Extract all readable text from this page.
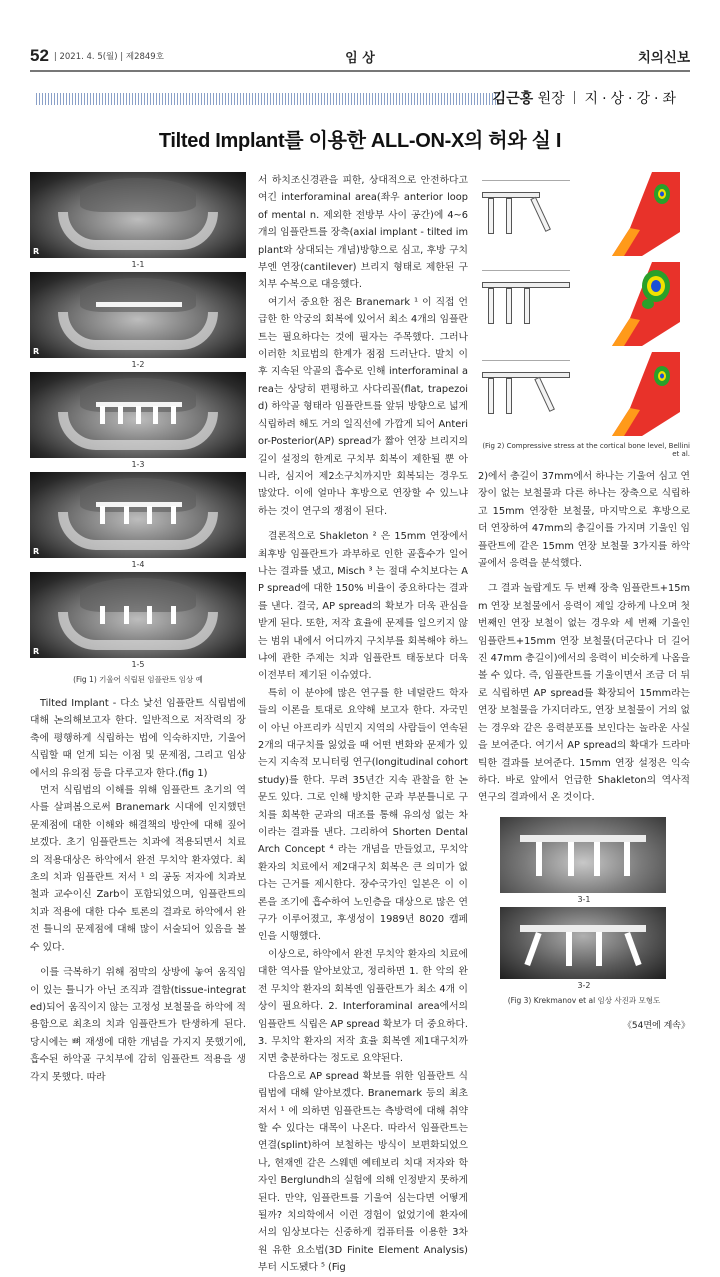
52 | 2021. 4. 5(월) | 제2849호	임 상	치의신보
김근홍 원장 지·상·강·좌
Tilted Implant를 이용한 ALL-ON-X의 허와 실 I
R
1-1
R
1-2
1-3
R
1-4
R
1-5
(Fig 1) 기울어 식립된 임플란트 임상 예

Tilted Implant - 다소 낯선 임플란트 식립법에 대해 논의해보고자 한다. 일반적으로 저작력의 장축에 평행하게 식립하는 법에 익숙하지만, 기울어 식립할 때 얻게 되는 이점 및 문제점, 그리고 임상에서의 유의점 등을 다루고자 한다.(fig 1)

먼저 식립법의 이해를 위해 임플란트 초기의 역사를 살펴봄으로써 Branemark 시대에 인지했던 문제점에 대한 이해와 해결책의 방안에 대해 짚어보겠다. 초기 임플란트는 치과에 적용되면서 치료의 적용대상은 하악에서 완전 무치악 환자였다. 최초의 치과 임플란트 저서 ¹ 의 공동 저자에 치과보철과 교수이신 Zarb이 포함되었으며, 임플란트의 치과 적용에 대한 다수 토론의 결과로 하악에서 완전 틀니의 문제점에 대해 많이 서술되어 있음을 볼 수 있다.

이를 극복하기 위해 점막의 상방에 놓여 움직임이 있는 틀니가 아닌 조직과 결합(tissue-integrated)되어 움직이지 않는 고정성 보철물을 하악에 적용함으로 최초의 치과 임플란트가 탄생하게 된다. 당시에는 뼈 재생에 대한 개념을 가지지 못했기에, 흡수된 하악골 구치부에 감히 임플란트 적용을 생각지 못했다. 따라

서 하치조신경관을 피한, 상대적으로 안전하다고 여긴 interforaminal area(좌우 anterior loop of mental n. 제외한 전방부 사이 공간)에 4~6개의 임플란트를 장축(axial implant - tilted implant와 상대되는 개념)방향으로 심고, 후방 구치부엔 연장(cantilever) 브리지 형태로 제한된 구치부 수복으로 대응했다.

여기서 중요한 점은 Branemark ¹ 이 직접 언급한 한 악궁의 회복에 있어서 최소 4개의 임플란트는 필요하다는 것에 필자는 주목했다. 그러나 이러한 치료법의 한계가 점점 드러난다. 발치 이후 지속된 악골의 흡수로 인해 interforaminal area는 상당히 편평하고 사다리꼴(flat, trapezoid) 하악골 형태라 임플란트를 앞뒤 방향으로 넓게 식립하려 해도 거의 일직선에 가깝게 되어 Anterior-Posterior(AP) spread가 짧아 연장 브리지의 길이 설정의 한계로 구치부 회복이 제한될 뿐 아니라, 심지어 제2소구치까지만 회복되는 경우도 많았다. 이에 얼마나 후방으로 연장할 수 있느냐 하는 것이 연구의 쟁점이 된다.

결론적으로 Shakleton ² 은 15mm 연장에서 최후방 임플란트가 과부하로 인한 골흡수가 일어나는 결과를 냈고, Misch ³ 는 절대 수치보다는 AP spread에 대한 150% 비율이 중요하다는 결과를 낸다. 결국, AP spread의 확보가 더욱 관심을 받게 된다. 또한, 저작 효율에 문제를 일으키지 않는 범위 내에서 어디까지 구치부를 회복해야 하느냐에 관한 주제는 치과 임플란트 태동보다 더욱 이전부터 제기된 이슈였다.

특히 이 분야에 많은 연구를 한 네덜란드 학자들의 이론을 토대로 요약해 보고자 한다. 자국민이 아닌 아프리카 식민지 지역의 사람들이 연속된 2개의 대구치를 잃었을 때 어떤 변화와 문제가 있는지 지속적 모니터링 연구(longitudinal cohort study)를 한다. 무려 35년간 지속 관찰을 한 논문도 있다. 그로 인해 방치한 군과 부분틀니로 구치를 회복한 군과의 대조를 통해 유의성 없는 차이라는 결과를 낸다. 그리하여 Shorten Dental Arch Concept ⁴ 라는 개념을 만들었고, 무치악 환자의 치료에서 제2대구치 회복은 큰 의미가 없다는 근거를 제시한다. 장수국가인 일본은 이 이론을 조기에 흡수하여 노인층을 대상으로 많은 연구가 이루어졌고, 후생성이 1989년 8020 캠페인을 시행했다.

이상으로, 하악에서 완전 무치악 환자의 치료에 대한 역사를 알아보았고, 정리하면 1. 한 악의 완전 무치악 환자의 회복엔 임플란트가 최소 4개 이상이 필요하다. 2. Interforaminal area에서의 임플란트 식립은 AP spread 확보가 더 중요하다. 3. 무치악 환자의 저작 효율 회복엔 제1대구치까지면 충분하다는 정도로 요약된다.

다음으로 AP spread 확보를 위한 임플란트 식립법에 대해 알아보겠다. Branemark 등의 최초 저서 ¹ 에 의하면 임플란트는 측방력에 대해 취약할 수 있다는 대목이 나온다. 따라서 임플란트는 연결(splint)하여 보철하는 방식이 보편화되었으나, 현재엔 같은 스웨덴 예테보리 치대 저자와 학자인 Berglundh의 실험에 의해 인정받지 못하게 된다. 만약, 임플란트를 기울여 심는다면 어떻게 될까? 치의학에서 이런 경험이 없었기에 환자에서의 임상보다는 신중하게 컴퓨터를 이용한 3차원 유한 요소법(3D Finite Element Analysis)부터 시도됐다 ⁵ (Fig

(Fig 2) Compressive stress at the cortical bone level, Bellini et al.

2)에서 총길이 37mm에서 하나는 기울여 심고 연장이 없는 보철물과 다른 하나는 장축으로 식립하고 15mm 연장한 보철물, 마지막으로 후방으로 더 연장하여 47mm의 총길이를 가지며 기울인 임플란트에 같은 15mm 연장 보철물 3가지를 하악골에서 응력을 분석했다.

그 결과 놀랍게도 두 번째 장축 임플란트+15mm 연장 보철물에서 응력이 제일 강하게 나오며 첫 번째인 연장 보철이 없는 경우와 세 번째 기울인 임플란트+15mm 연장 보철물(더군다나 더 길어진 47mm 총길이)에서의 응력이 비슷하게 나옴을 볼 수 있다. 즉, 임플란트를 기울이면서 조금 더 뒤로 식립하면 AP spread를 확장되어 15mm라는 연장 보철물을 가지더라도, 연장 보철물이 거의 없는 경우와 같은 응력분포를 보인다는 놀라운 사실을 보여준다. 여기서 AP spread의 확대가 드라마틱한 결과를 보여준다. 15mm 연장 설정은 익숙하다. 바로 앞에서 언급한 Shakleton의 역사적 연구의 결과에서 온 것이다.

3-1
3-2
(Fig 3) Krekmanov et al 임상 사진과 모형도
《54면에 계속》
